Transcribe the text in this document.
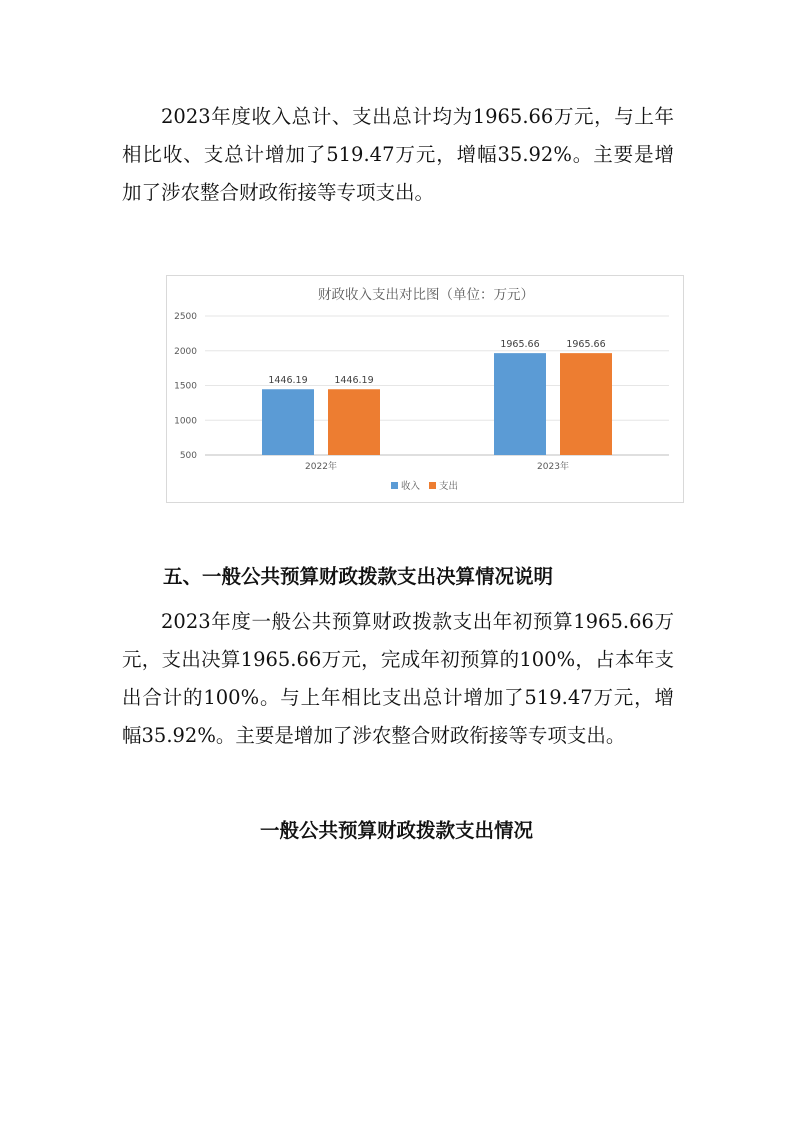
2023年度收入总计、支出总计均为1965.66万元，与上年相比收、支总计增加了519.47万元，增幅35.92%。主要是增加了涉农整合财政衔接等专项支出。

财政收入支出对比图（单位：万元）
500
1000
1500
2000
2500
1446.19	1446.19
1965.66	1965.66
2022年	2023年
收入 支出
五、一般公共预算财政拨款支出决算情况说明

2023年度一般公共预算财政拨款支出年初预算1965.66万元，支出决算1965.66万元，完成年初预算的100%，占本年支出合计的100%。与上年相比支出总计增加了519.47万元，增幅35.92%。主要是增加了涉农整合财政衔接等专项支出。

一般公共预算财政拨款支出情况
